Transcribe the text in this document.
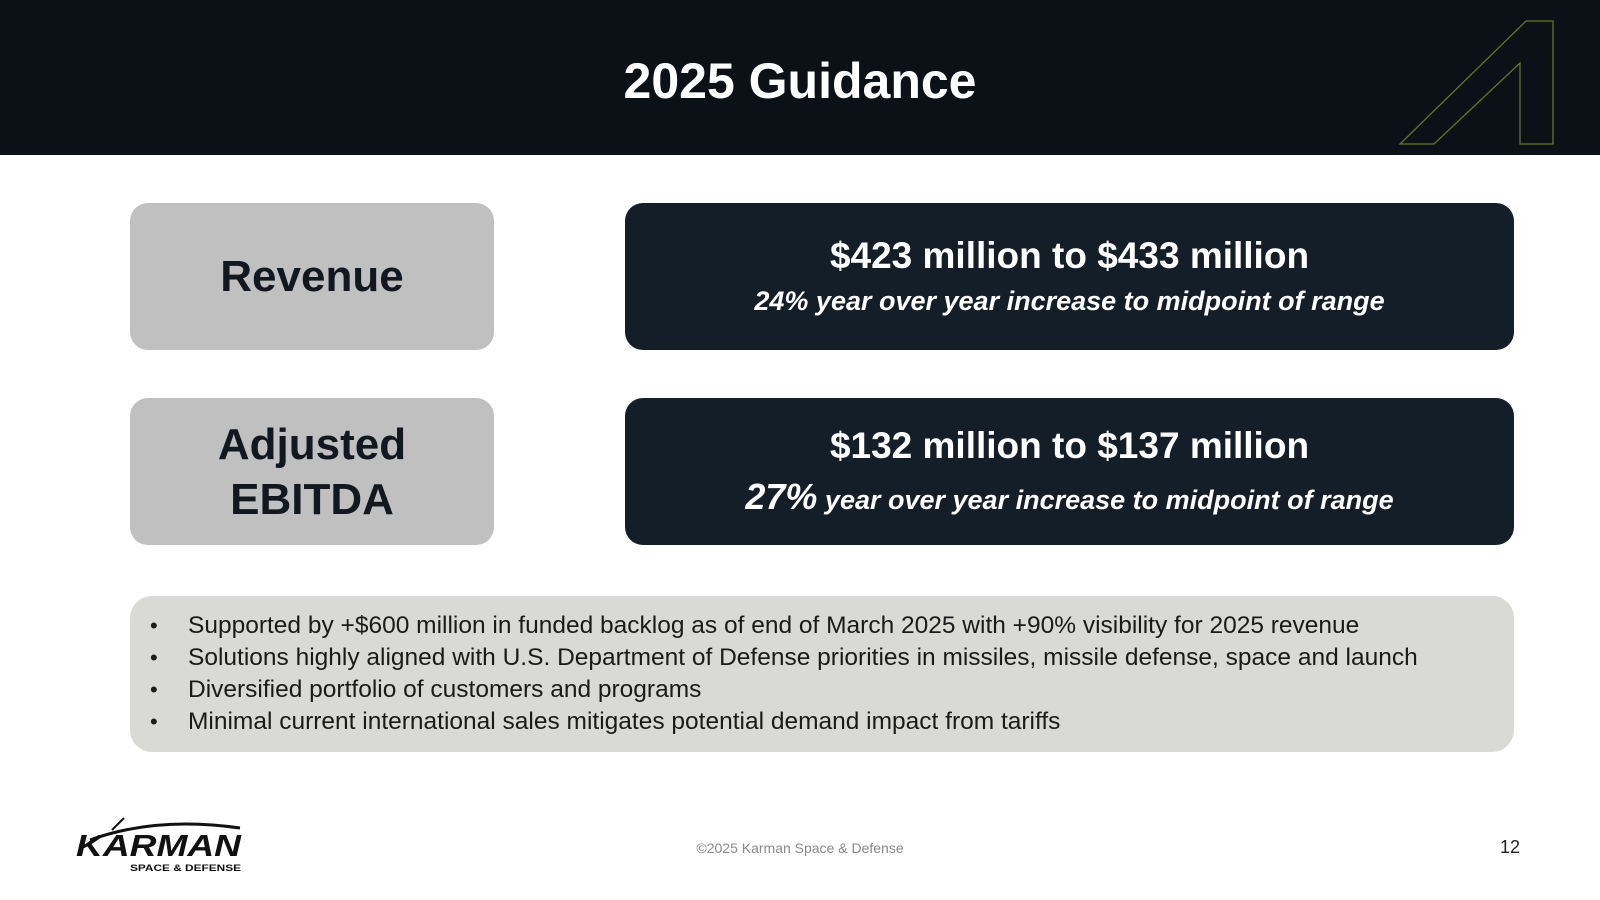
2025 Guidance
Revenue	$423 million to $433 million
24% year over year increase to midpoint of range
Adjusted
EBITDA
$132 million to $137 million
27% year over year increase to midpoint of range
• Supported by +$600 million in funded backlog as of end of March 2025 with +90% visibility for 2025 revenue
• Solutions highly aligned with U.S. Department of Defense priorities in missiles, missile defense, space and launch
• Diversified portfolio of customers and programs
• Minimal current international sales mitigates potential demand impact from tariffs
KARMAN
SPACE & DEFENSE
©2025 Karman Space & Defense	12
